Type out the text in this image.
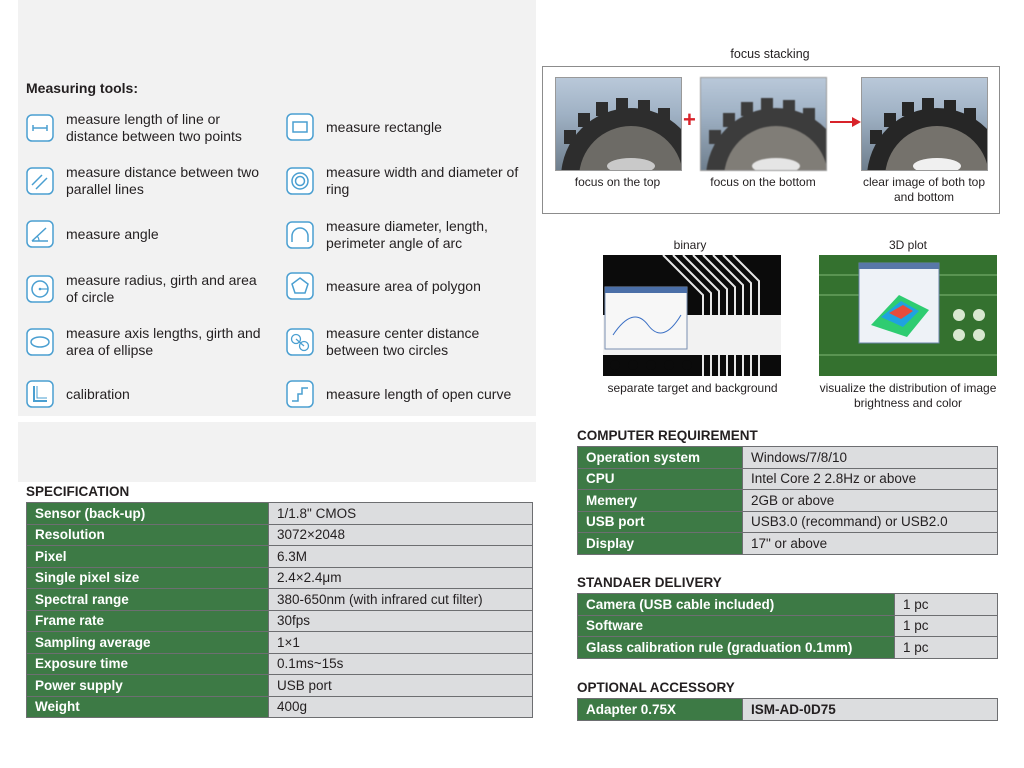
Measuring tools:
measure length of line or distance between two points
measure distance between two parallel lines
measure angle
measure radius, girth and area of circle
measure axis lengths, girth and area of ellipse
calibration
measure rectangle
measure width and diameter of ring
measure diameter, length, perimeter angle of arc
measure area of polygon
measure center distance between two circles
measure length of open curve
focus stacking
+
focus on the top	focus on the bottom	clear image of both top and bottom
binary
separate target and background
3D plot
visualize the distribution of image brightness and color
SPECIFICATION
Sensor (back-up)	1/1.8" CMOS
Resolution	3072×2048
Pixel	6.3M
Single pixel size	2.4×2.4μm
Spectral range	380-650nm (with infrared cut filter)
Frame rate	30fps
Sampling average	1×1
Exposure time	0.1ms~15s
Power supply	USB port
Weight	400g
COMPUTER REQUIREMENT
Operation system	Windows/7/8/10
CPU	Intel Core 2 2.8Hz or above
Memery	2GB or above
USB port	USB3.0 (recommand) or USB2.0
Display	17" or above
STANDAER DELIVERY
Camera (USB cable included)	1 pc
Software	1 pc
Glass calibration rule (graduation 0.1mm)	1 pc
OPTIONAL ACCESSORY
Adapter 0.75X	ISM-AD-0D75
